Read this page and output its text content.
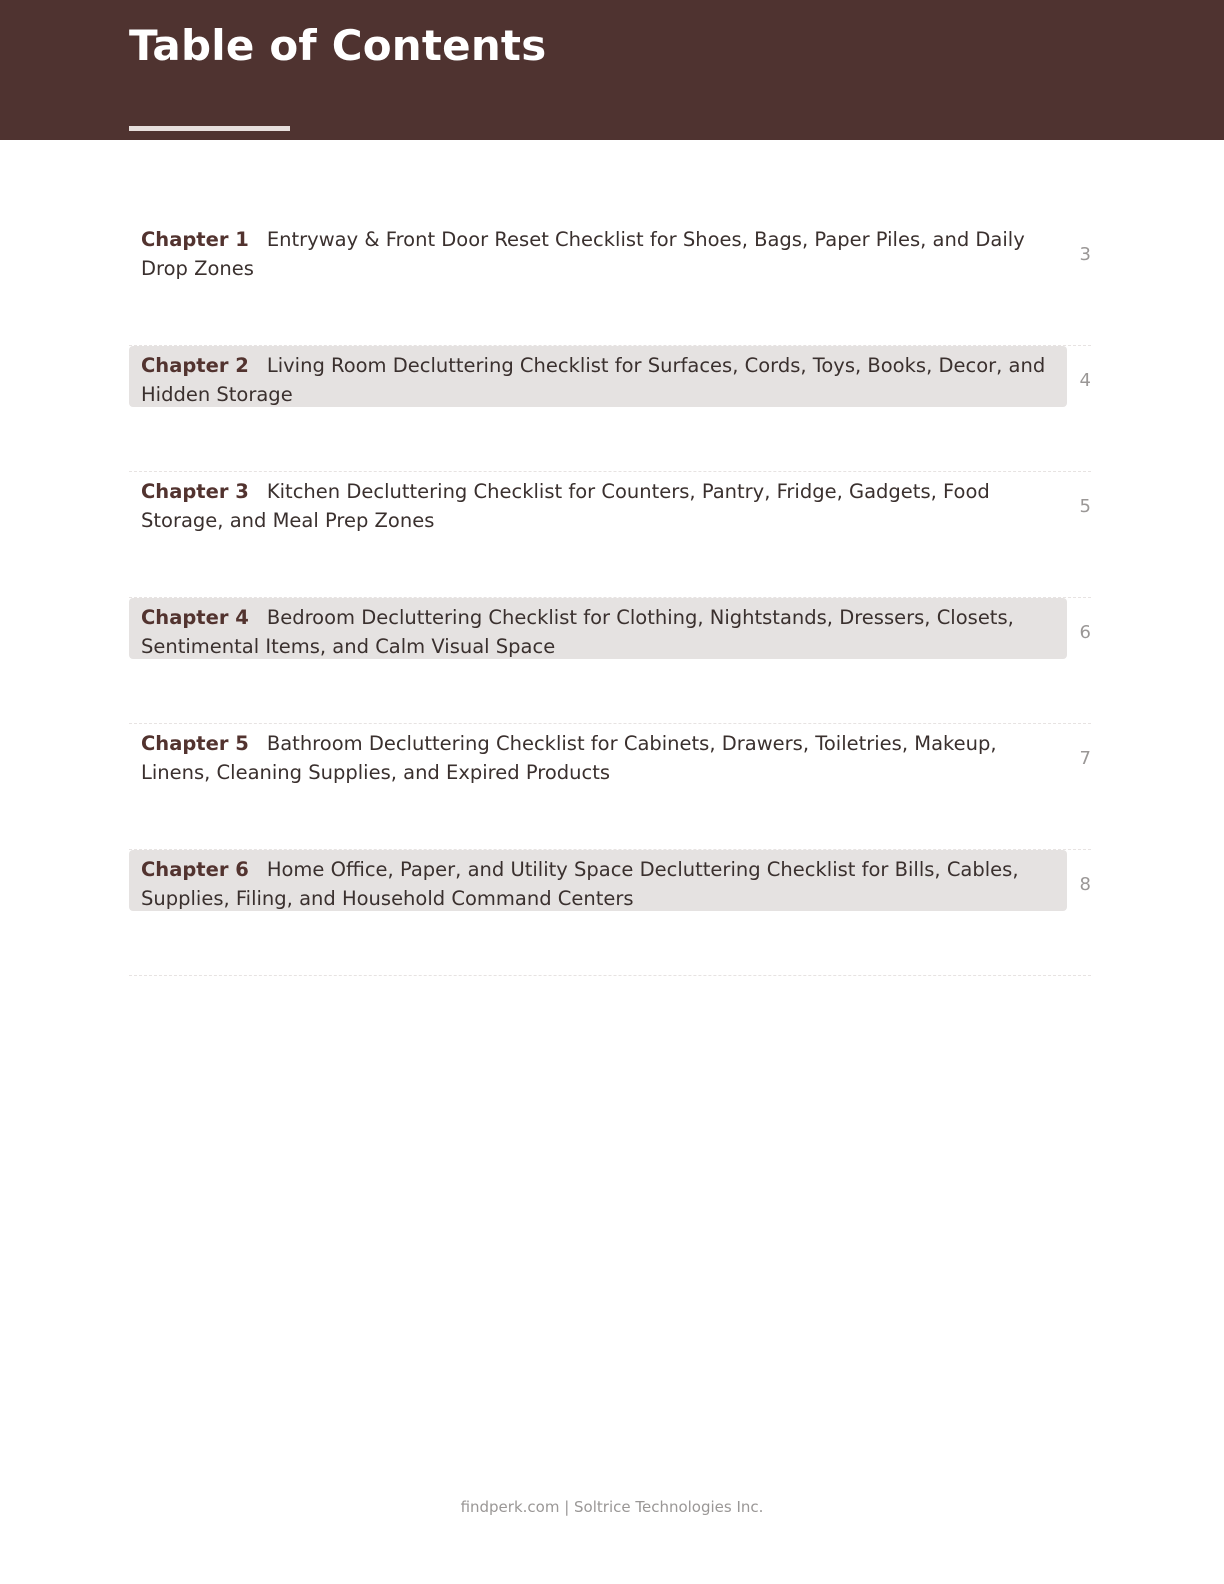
Table of Contents
Chapter 1 Entryway & Front Door Reset Checklist for Shoes, Bags, Paper Piles, and Daily Drop Zones
3
Chapter 2 Living Room Decluttering Checklist for Surfaces, Cords, Toys, Books, Decor, and Hidden Storage
4
Chapter 3 Kitchen Decluttering Checklist for Counters, Pantry, Fridge, Gadgets, Food Storage, and Meal Prep Zones
5
Chapter 4 Bedroom Decluttering Checklist for Clothing, Nightstands, Dressers, Closets, Sentimental Items, and Calm Visual Space
6
Chapter 5 Bathroom Decluttering Checklist for Cabinets, Drawers, Toiletries, Makeup, Linens, Cleaning Supplies, and Expired Products
7
Chapter 6 Home Office, Paper, and Utility Space Decluttering Checklist for Bills, Cables, Supplies, Filing, and Household Command Centers
8
findperk.com | Soltrice Technologies Inc.
